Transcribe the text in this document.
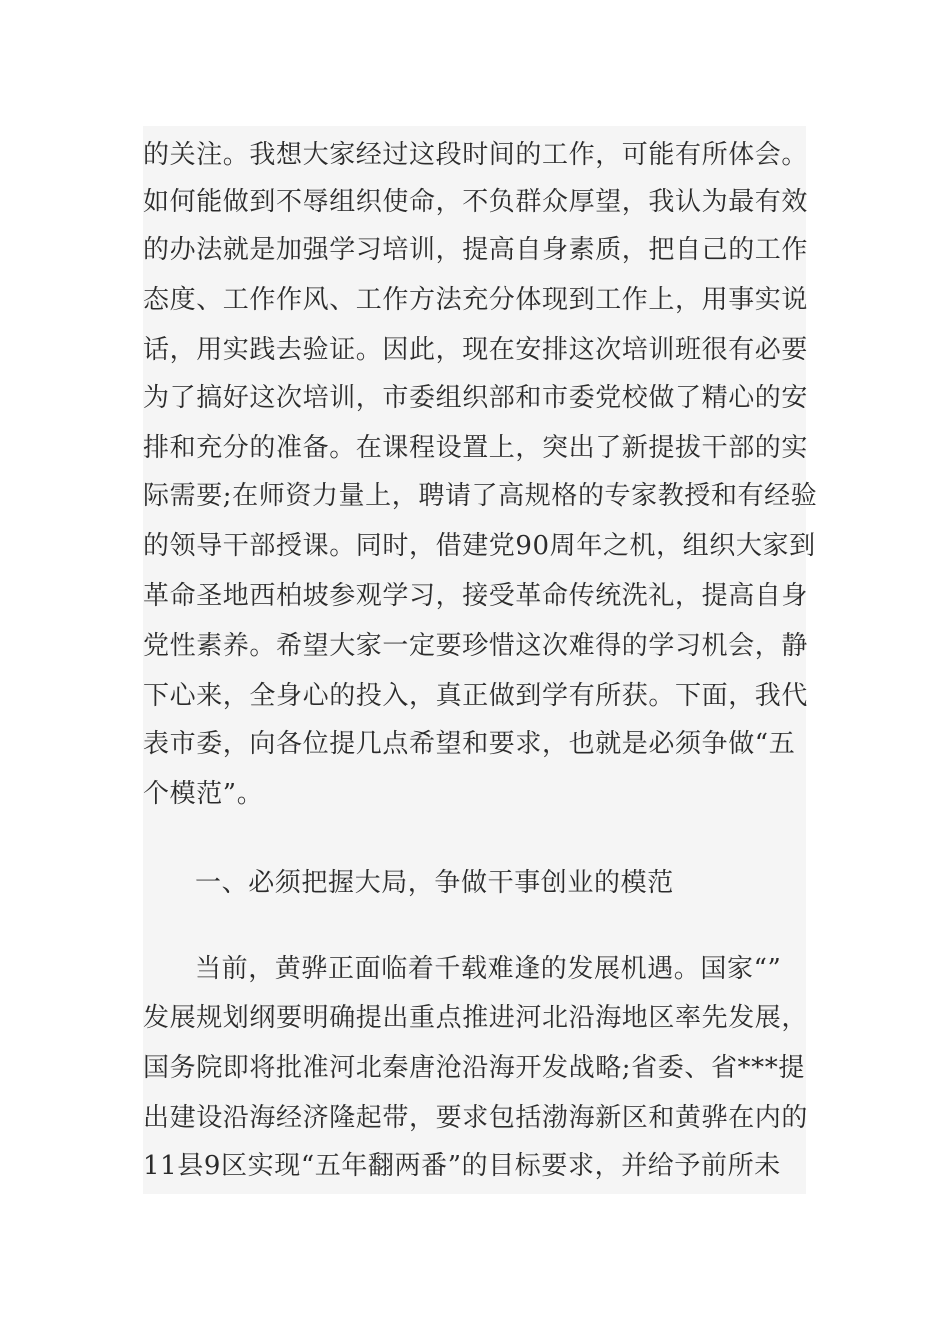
的关注。我想大家经过这段时间的工作，可能有所体会。
如何能做到不辱组织使命，不负群众厚望，我认为最有效
的办法就是加强学习培训，提高自身素质，把自己的工作
态度、工作作风、工作方法充分体现到工作上，用事实说
话，用实践去验证。因此，现在安排这次培训班很有必要
为了搞好这次培训，市委组织部和市委党校做了精心的安
排和充分的准备。在课程设置上，突出了新提拔干部的实
际需要;在师资力量上，聘请了高规格的专家教授和有经验
的领导干部授课。同时，借建党90周年之机，组织大家到
革命圣地西柏坡参观学习，接受革命传统洗礼，提高自身
党性素养。希望大家一定要珍惜这次难得的学习机会，静
下心来，全身心的投入，真正做到学有所获。下面，我代
表市委，向各位提几点希望和要求，也就是必须争做“五
个模范”。
一、必须把握大局，争做干事创业的模范
当前，黄骅正面临着千载难逢的发展机遇。国家“”
发展规划纲要明确提出重点推进河北沿海地区率先发展，
国务院即将批准河北秦唐沧沿海开发战略;省委、省***提
出建设沿海经济隆起带，要求包括渤海新区和黄骅在内的
11县9区实现“五年翻两番”的目标要求，并给予前所未
